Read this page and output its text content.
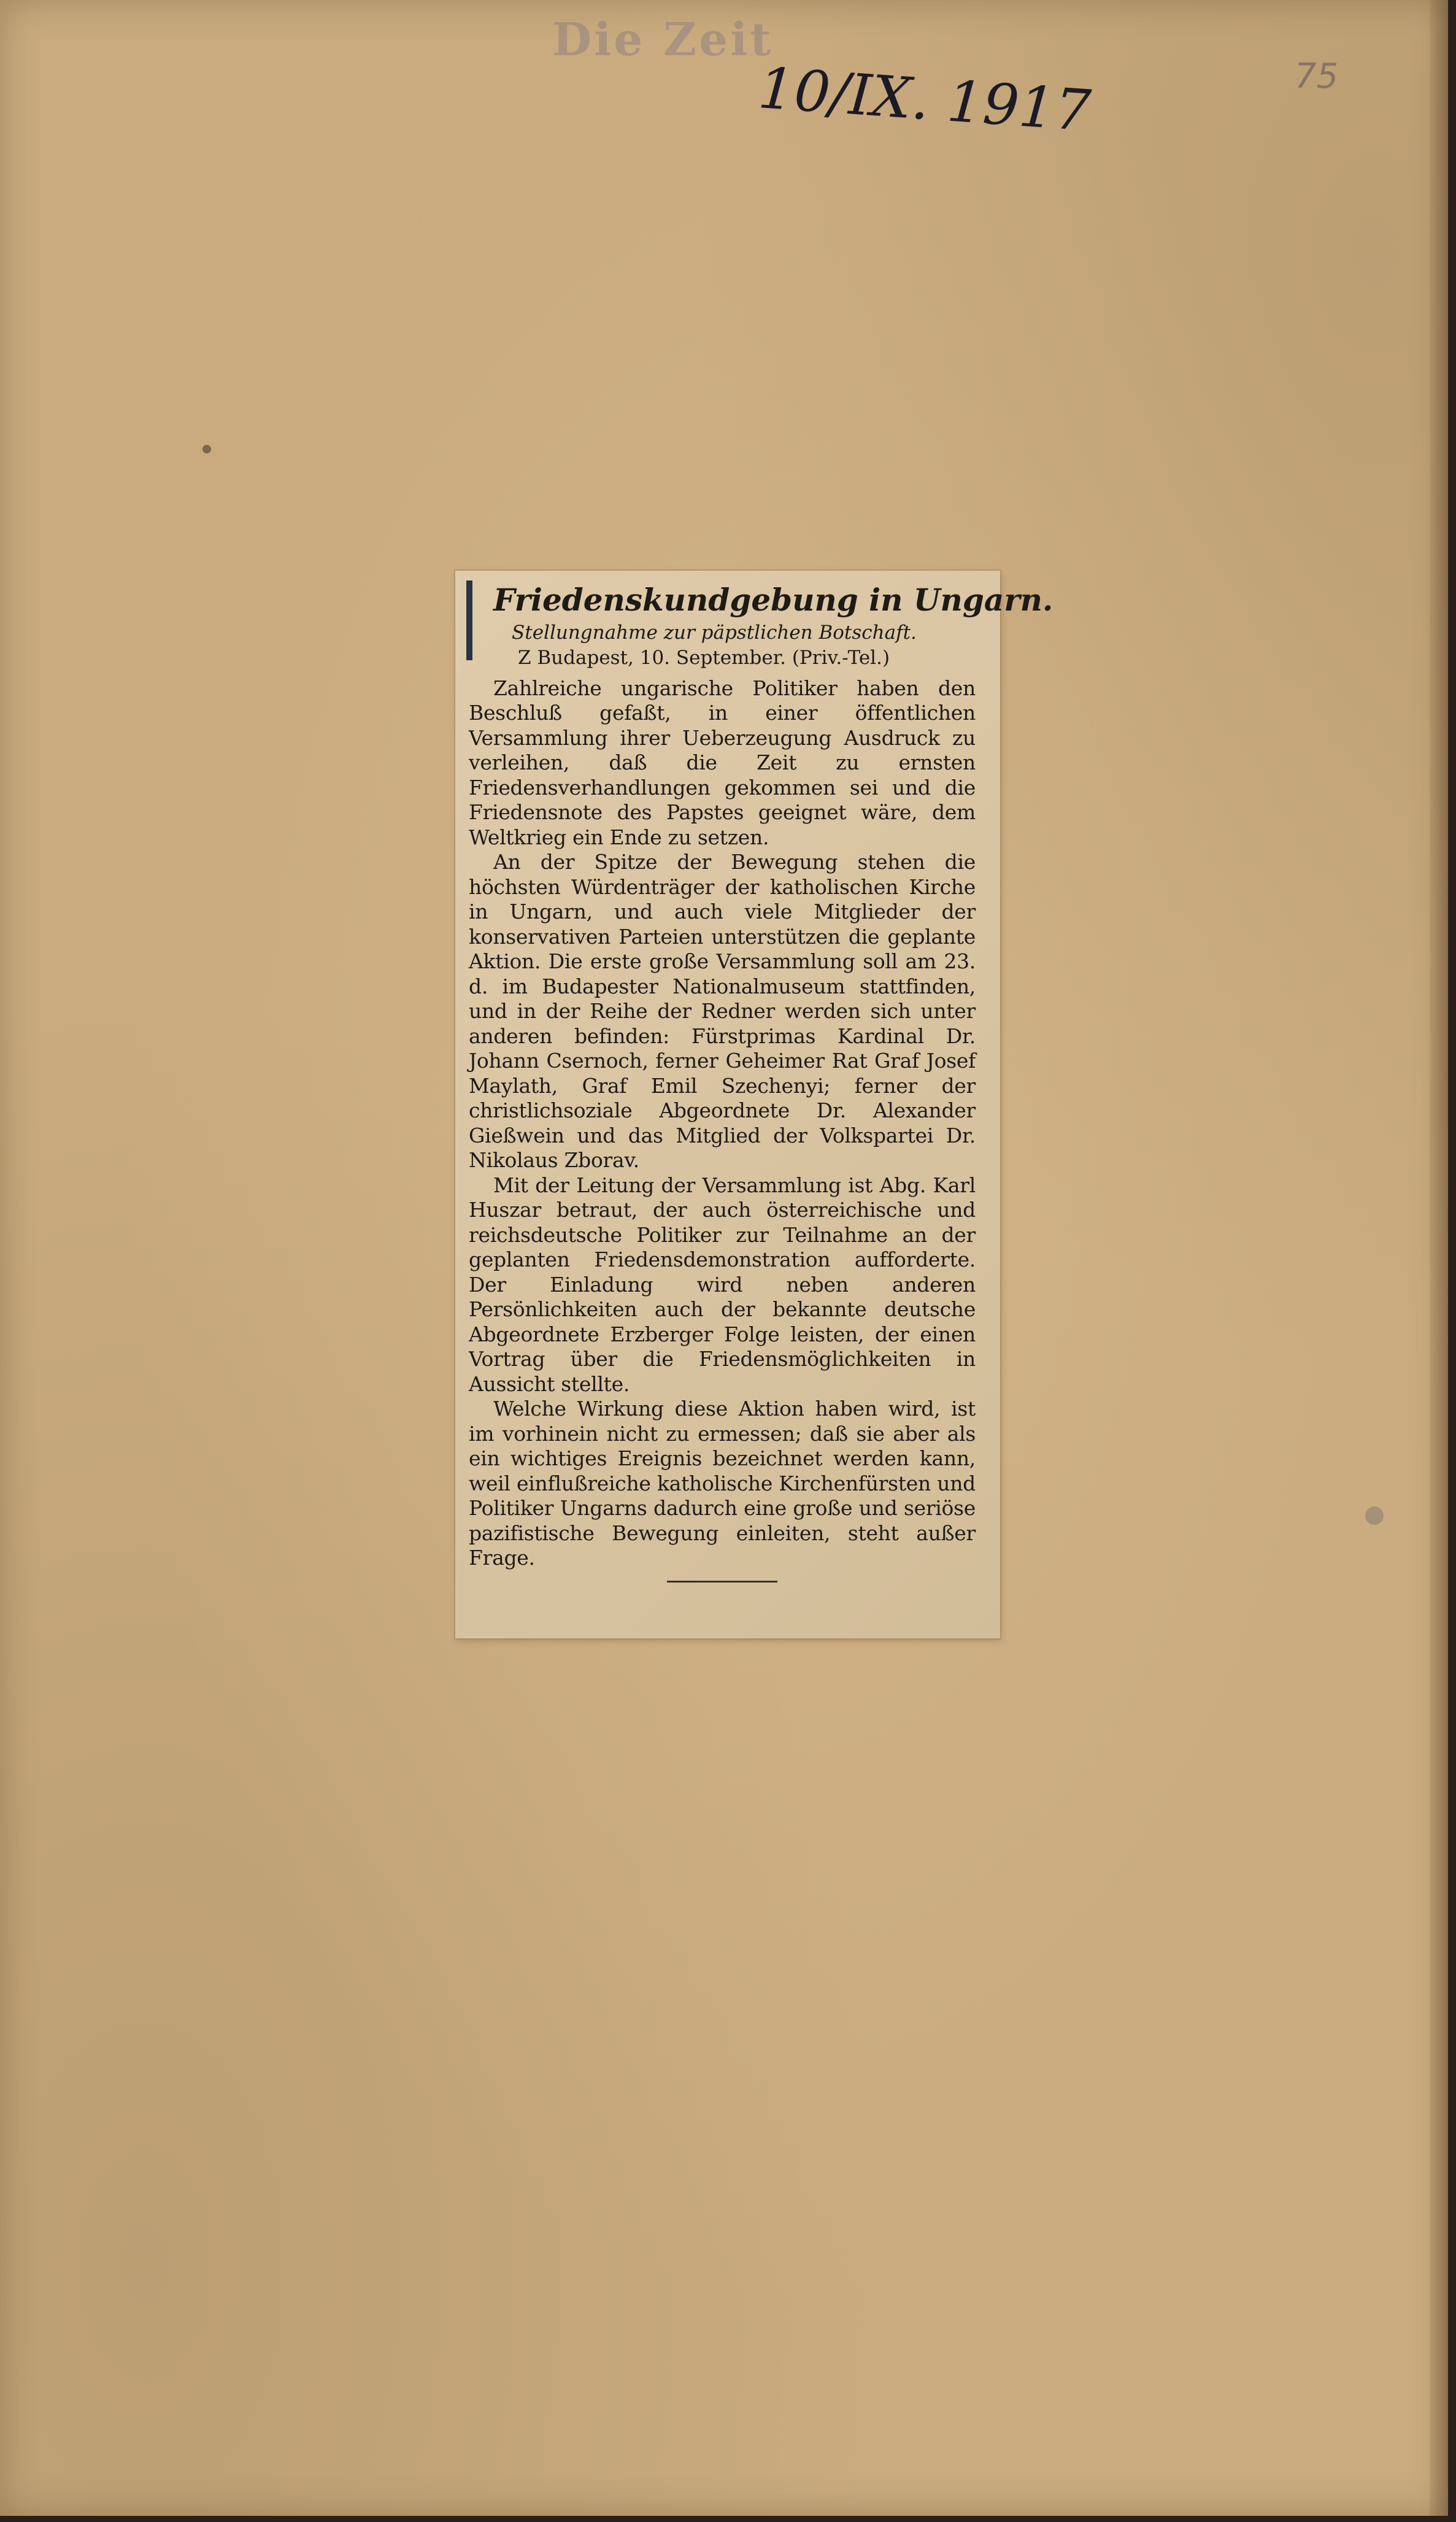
Die Zeit
10/IX. 1917	75
Friedenskundgebung in Ungarn.
Stellungnahme zur päpstlichen Botschaft.
Z Budapest, 10. September. (Priv.-Tel.)

Zahlreiche ungarische Politiker haben den Beschluß gefaßt, in einer öffentlichen Versammlung ihrer Ueberzeugung Ausdruck zu verleihen, daß die Zeit zu ernsten Friedensverhandlungen gekommen sei und die Friedensnote des Papstes geeignet wäre, dem Weltkrieg ein Ende zu setzen.

An der Spitze der Bewegung stehen die höchsten Würdenträger der katholischen Kirche in Ungarn, und auch viele Mitglieder der konservativen Parteien unterstützen die geplante Aktion. Die erste große Versammlung soll am 23. d. im Budapester Nationalmuseum stattfinden, und in der Reihe der Redner werden sich unter anderen befinden: Fürstprimas Kardinal Dr. Johann Csernoch, ferner Geheimer Rat Graf Josef Maylath, Graf Emil Szechenyi; ferner der christlichsoziale Abgeordnete Dr. Alexander Gießwein und das Mitglied der Volkspartei Dr. Nikolaus Zborav.

Mit der Leitung der Versammlung ist Abg. Karl Huszar betraut, der auch österreichische und reichsdeutsche Politiker zur Teilnahme an der geplanten Friedensdemonstration aufforderte. Der Einladung wird neben anderen Persönlichkeiten auch der bekannte deutsche Abgeordnete Erzberger Folge leisten, der einen Vortrag über die Friedensmöglichkeiten in Aussicht stellte.

Welche Wirkung diese Aktion haben wird, ist im vorhinein nicht zu ermessen; daß sie aber als ein wichtiges Ereignis bezeichnet werden kann, weil einflußreiche katholische Kirchenfürsten und Politiker Ungarns dadurch eine große und seriöse pazifistische Bewegung einleiten, steht außer Frage.
